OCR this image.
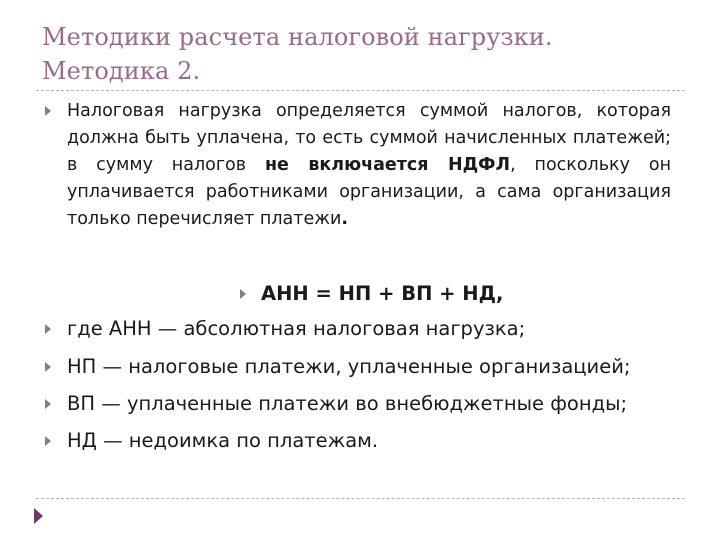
Методики расчета налоговой нагрузки.
Методика 2.
Налоговая нагрузка определяется суммой налогов, которая должна быть уплачена, то есть суммой начисленных платежей; в сумму налогов не включается НДФЛ, поскольку он уплачивается работниками организации, а сама организация только перечисляет платежи.
АНН = НП + ВП + НД,
где АНН — абсолютная налоговая нагрузка;
НП — налоговые платежи, уплаченные организацией;
ВП — уплаченные платежи во внебюджетные фонды;
НД — недоимка по платежам.
